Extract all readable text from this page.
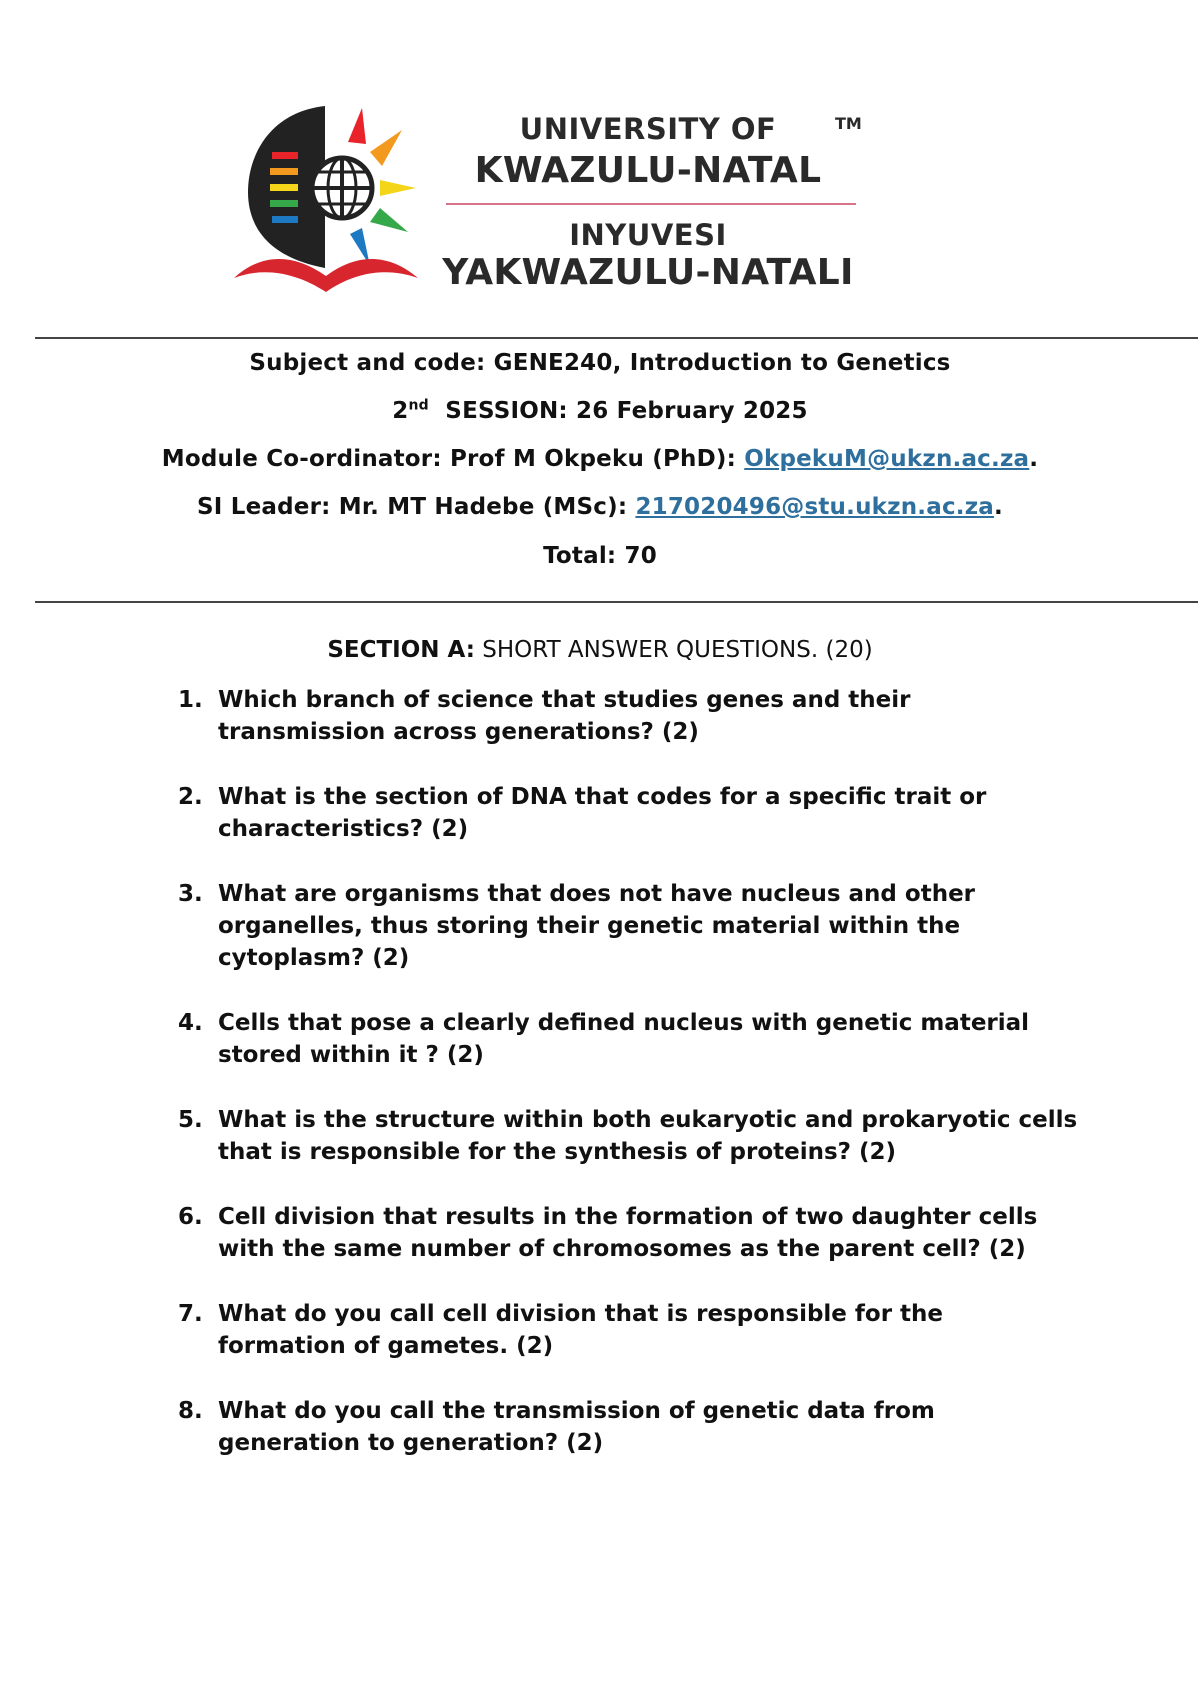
UNIVERSITY OF
KWAZULU-NATAL
INYUVESI
YAKWAZULU-NATALI
TM
Subject and code: GENE240, Introduction to Genetics
2nd  SESSION: 26 February 2025
Module Co-ordinator: Prof M Okpeku (PhD): OkpekuM@ukzn.ac.za.
SI Leader: Mr. MT Hadebe (MSc): 217020496@stu.ukzn.ac.za.
Total: 70
SECTION A: SHORT ANSWER QUESTIONS. (20)
1. Which branch of science that studies genes and their transmission across generations? (2)
2. What is the section of DNA that codes for a specific trait or characteristics? (2)
3. What are organisms that does not have nucleus and other organelles, thus storing their genetic material within the cytoplasm? (2)
4. Cells that pose a clearly defined nucleus with genetic material stored within it ? (2)
5. What is the structure within both eukaryotic and prokaryotic cells that is responsible for the synthesis of proteins? (2)
6. Cell division that results in the formation of two daughter cells with the same number of chromosomes as the parent cell? (2)
7. What do you call cell division that is responsible for the formation of gametes. (2)
8. What do you call the transmission of genetic data from generation to generation? (2)
